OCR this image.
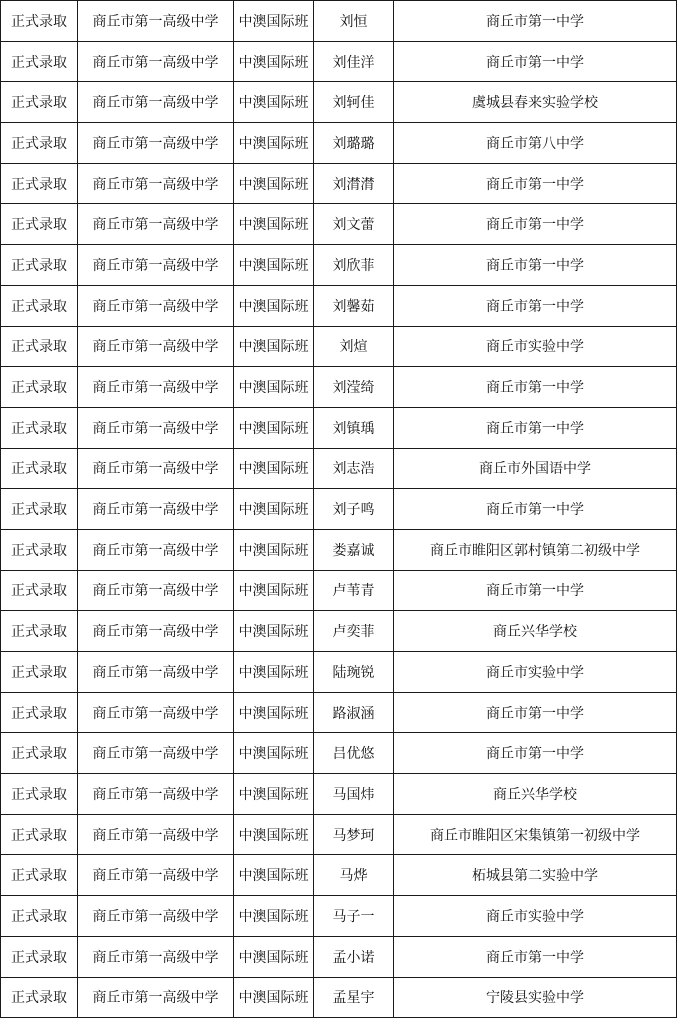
正式录取	商丘市第一高级中学	中澳国际班	刘恒	商丘市第一中学
正式录取	商丘市第一高级中学	中澳国际班	刘佳洋	商丘市第一中学
正式录取	商丘市第一高级中学	中澳国际班	刘轲佳	虞城县春来实验学校
正式录取	商丘市第一高级中学	中澳国际班	刘璐璐	商丘市第八中学
正式录取	商丘市第一高级中学	中澳国际班	刘潸潸	商丘市第一中学
正式录取	商丘市第一高级中学	中澳国际班	刘文蕾	商丘市第一中学
正式录取	商丘市第一高级中学	中澳国际班	刘欣菲	商丘市第一中学
正式录取	商丘市第一高级中学	中澳国际班	刘馨茹	商丘市第一中学
正式录取	商丘市第一高级中学	中澳国际班	刘煊	商丘市实验中学
正式录取	商丘市第一高级中学	中澳国际班	刘滢绮	商丘市第一中学
正式录取	商丘市第一高级中学	中澳国际班	刘镇瑀	商丘市第一中学
正式录取	商丘市第一高级中学	中澳国际班	刘志浩	商丘市外国语中学
正式录取	商丘市第一高级中学	中澳国际班	刘子鸣	商丘市第一中学
正式录取	商丘市第一高级中学	中澳国际班	娄嘉诚	商丘市睢阳区郭村镇第二初级中学
正式录取	商丘市第一高级中学	中澳国际班	卢苇青	商丘市第一中学
正式录取	商丘市第一高级中学	中澳国际班	卢奕菲	商丘兴华学校
正式录取	商丘市第一高级中学	中澳国际班	陆琬锐	商丘市实验中学
正式录取	商丘市第一高级中学	中澳国际班	路淑涵	商丘市第一中学
正式录取	商丘市第一高级中学	中澳国际班	吕优悠	商丘市第一中学
正式录取	商丘市第一高级中学	中澳国际班	马国炜	商丘兴华学校
正式录取	商丘市第一高级中学	中澳国际班	马梦珂	商丘市睢阳区宋集镇第一初级中学
正式录取	商丘市第一高级中学	中澳国际班	马烨	柘城县第二实验中学
正式录取	商丘市第一高级中学	中澳国际班	马子一	商丘市实验中学
正式录取	商丘市第一高级中学	中澳国际班	孟小诺	商丘市第一中学
正式录取	商丘市第一高级中学	中澳国际班	孟星宇	宁陵县实验中学
